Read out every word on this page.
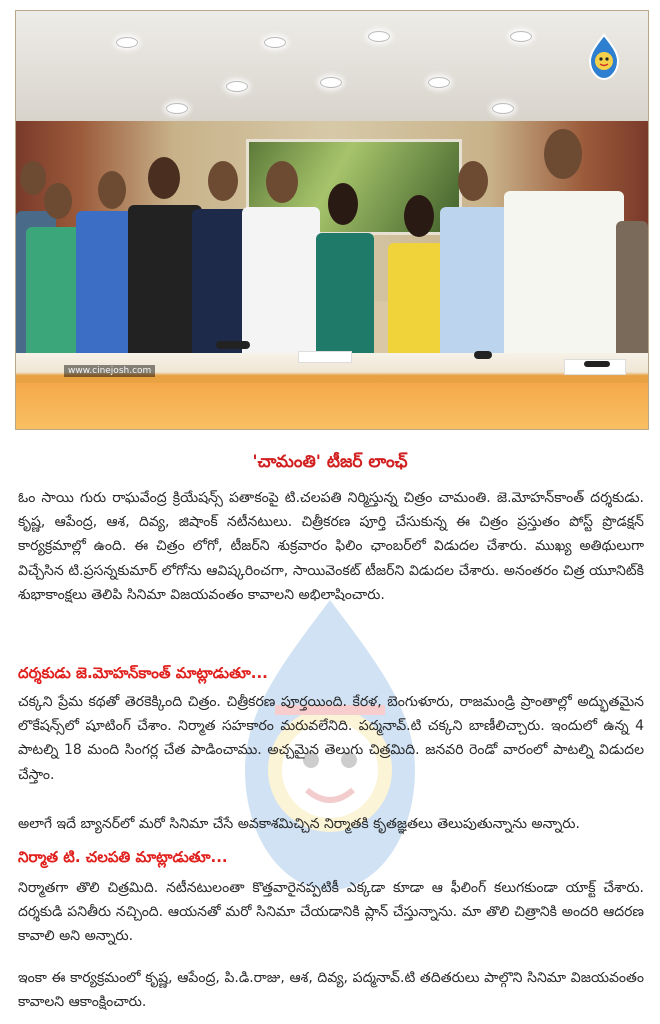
www.cinejosh.com
'చామంతి' టీజర్ లాంఛ్

ఓం సాయి గురు రాఘవేంద్ర క్రియేషన్స్ పతాకంపై టి.చలపతి నిర్మిస్తున్న చిత్రం చామంతి. జె.మోహన్‌కాంత్ దర్శకుడు. కృష్ణ, ఆపేంద్ర, ఆశ, దివ్య, జిషాంక్ నటీనటులు. చిత్రీకరణ పూర్తి చేసుకున్న ఈ చిత్రం ప్రస్తుతం పోస్ట్ ప్రొడక్షన్ కార్యక్రమాల్లో ఉంది. ఈ చిత్రం లోగో, టీజర్‌ని శుక్రవారం ఫిలిం ఛాంబర్‌లో విడుదల చేశారు. ముఖ్య అతిథులుగా విచ్చేసిన టి.ప్రసన్నకుమార్ లోగోను ఆవిష్కరించగా, సాయివెంకట్ టీజర్‌ని విడుదల చేశారు. అనంతరం చిత్ర యూనిట్‌కి శుభాకాంక్షలు తెలిపి సినిమా విజయవంతం కావాలని అభిలాషించారు.

దర్శకుడు జె.మోహన్‌కాంత్ మాట్లాడుతూ...

చక్కని ప్రేమ కథతో తెరకెక్కింది చిత్రం. చిత్రీకరణ పూర్తయింది. కేరళ, బెంగుళూరు, రాజమండ్రి ప్రాంతాల్లో అద్భుతమైన లొకేషన్స్‌లో షూటింగ్ చేశాం. నిర్మాత సహకారం మరువలేనిది. పద్మనావ్.టి చక్కని బాణీలిచ్చారు. ఇందులో ఉన్న 4 పాటల్ని 18 మంది సింగర్ల చేత పాడించాము. అచ్చమైన తెలుగు చిత్రమిది. జనవరి రెండో వారంలో పాటల్ని విడుదల చేస్తాం.

అలాగే ఇదే బ్యానర్‌లో మరో సినిమా చేసే అవకాశమిచ్చిన నిర్మాతకి కృతజ్ఞతలు తెలుపుతున్నాను అన్నారు.

నిర్మాత టి. చలపతి మాట్లాడుతూ...

నిర్మాతగా తొలి చిత్రమిది. నటీనటులంతా కొత్తవారైనప్పటికీ ఎక్కడా కూడా ఆ ఫీలింగ్ కలుగకుండా యాక్ట్ చేశారు. దర్శకుడి పనితీరు నచ్చింది. ఆయనతో మరో సినిమా చేయడానికి ప్లాన్ చేస్తున్నాను. మా తొలి చిత్రానికి అందరి ఆదరణ కావాలి అని అన్నారు.

ఇంకా ఈ కార్యక్రమంలో కృష్ణ, ఆపేంద్ర, పి.డి.రాజు, ఆశ, దివ్య, పద్మనావ్.టి తదితరులు పాల్గొని సినిమా విజయవంతం కావాలని ఆకాంక్షించారు.
